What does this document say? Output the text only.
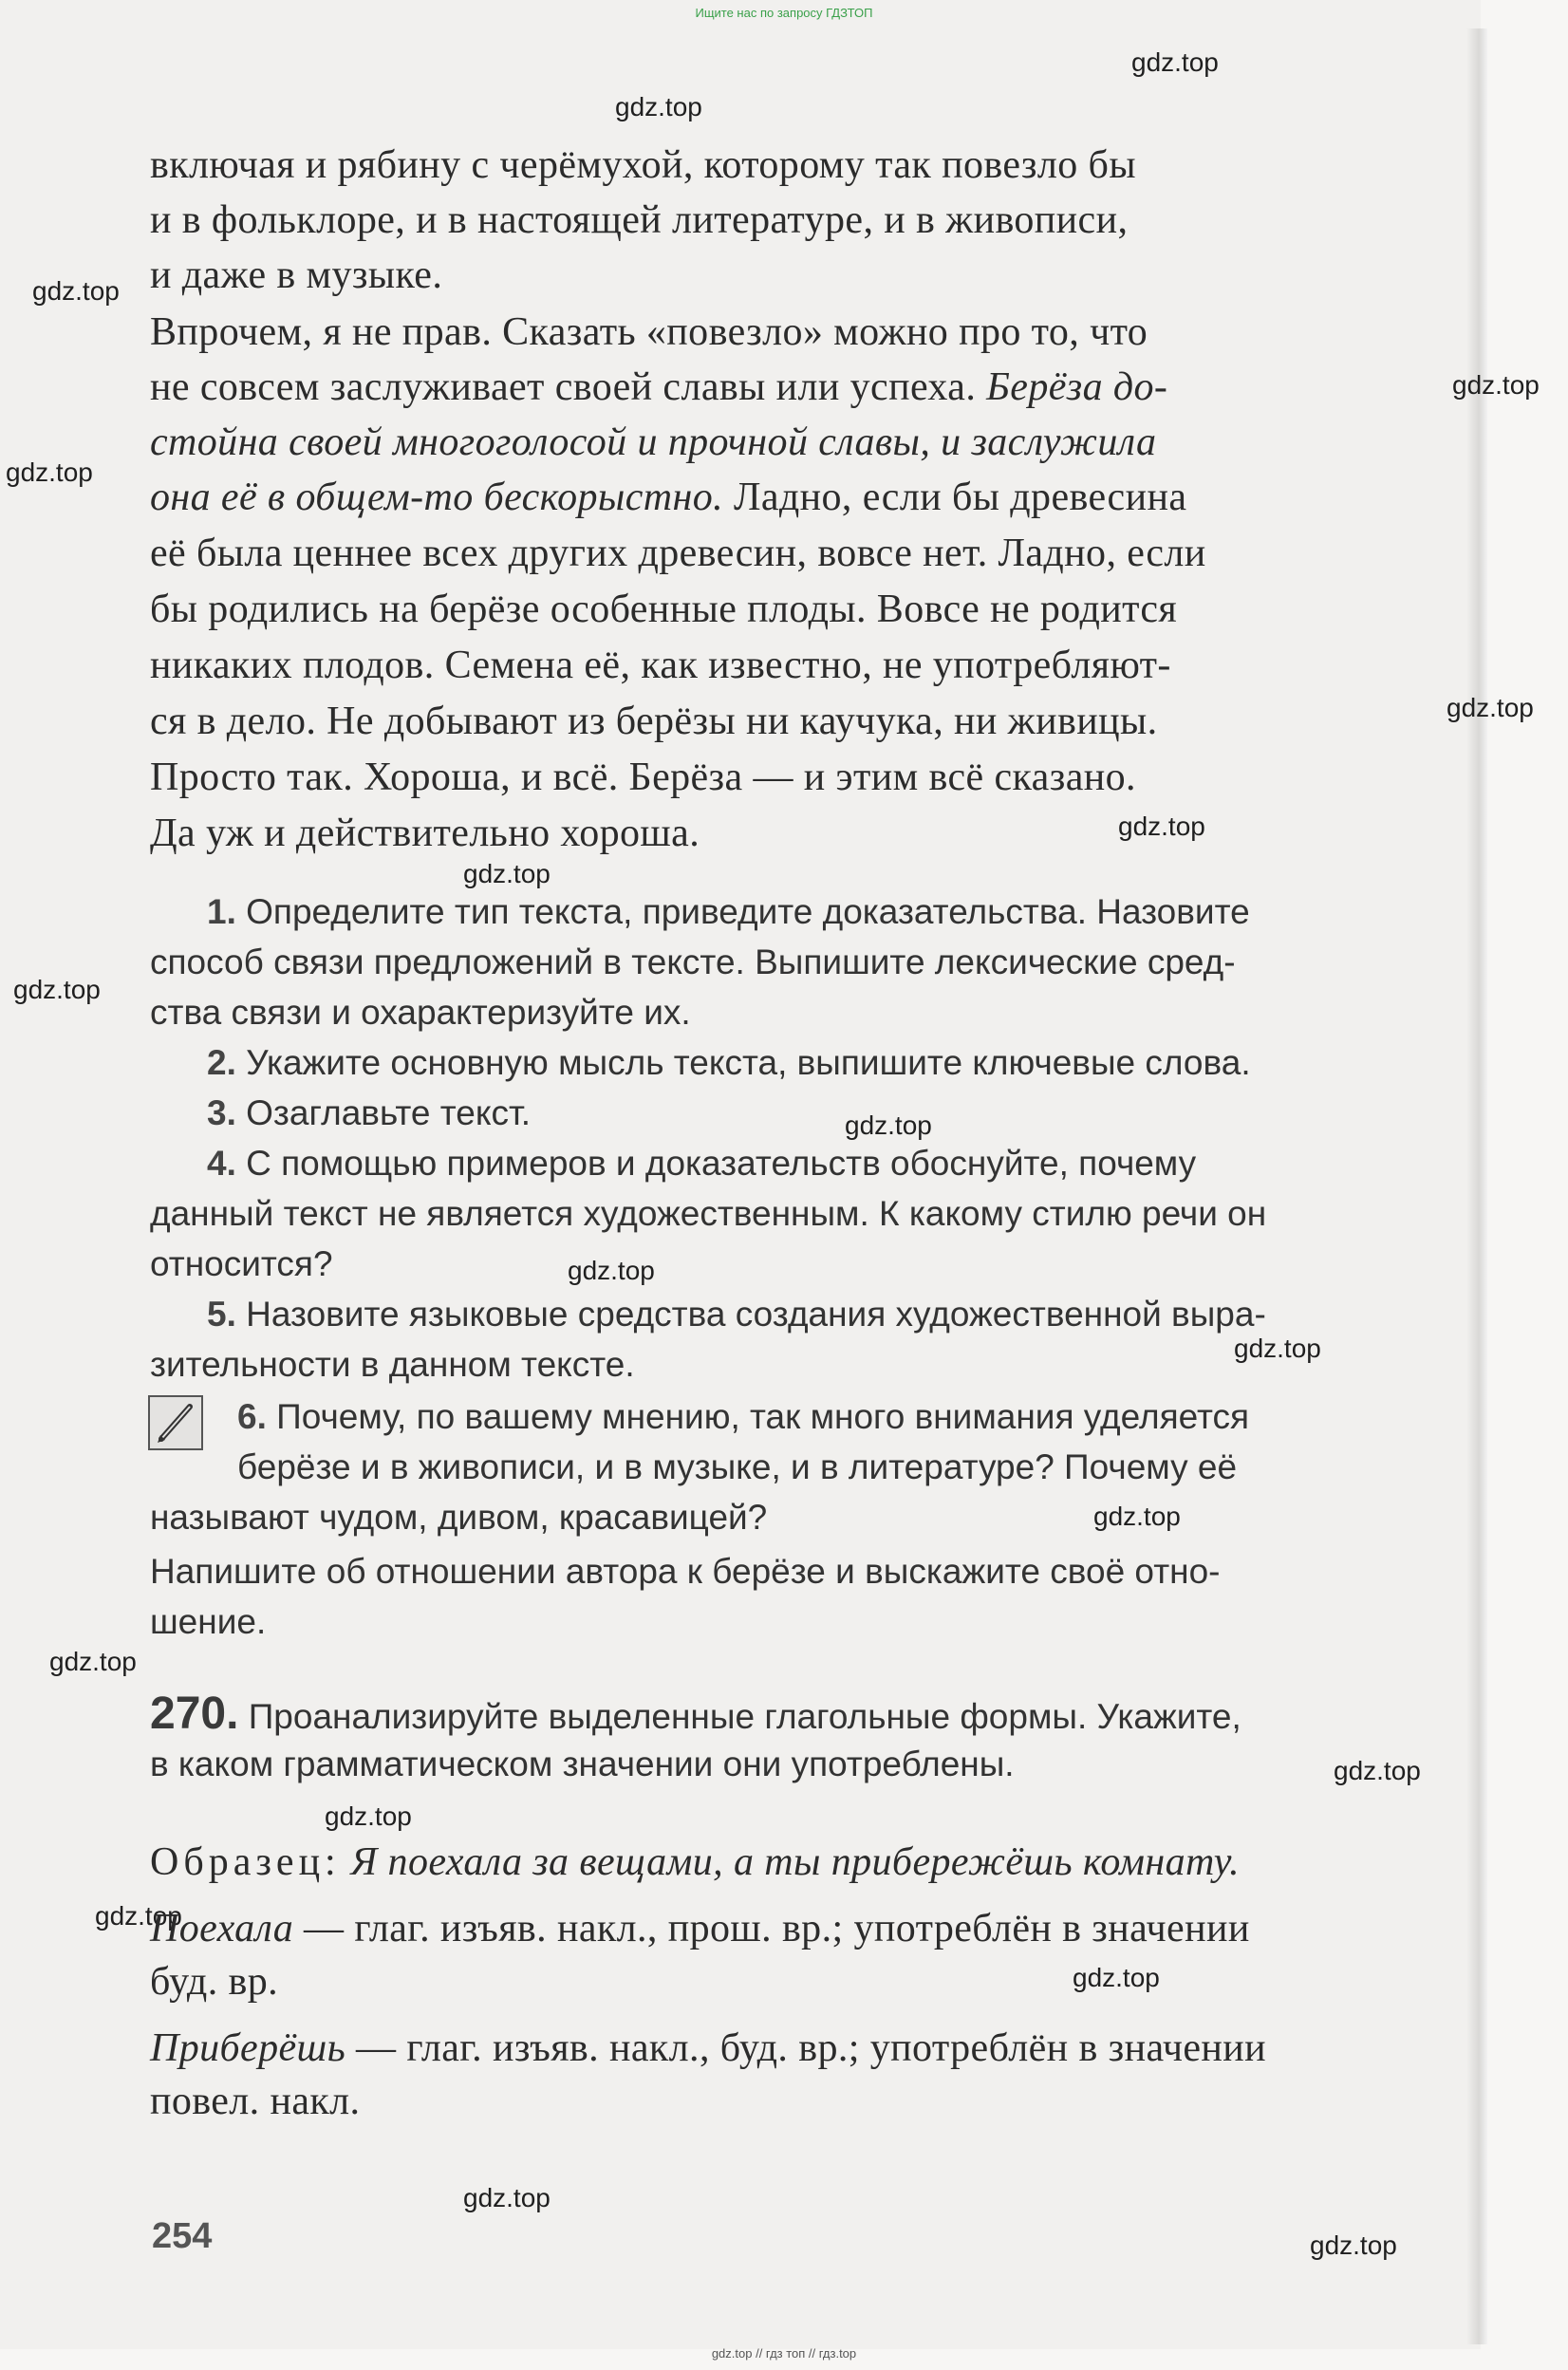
Ищите нас по запросу ГДЗТОП
gdz.top
gdz.top
gdz.top
gdz.top
gdz.top
gdz.top
gdz.top
gdz.top
gdz.top
gdz.top
gdz.top
gdz.top
gdz.top
gdz.top
gdz.top
gdz.top
gdz.top
gdz.top
gdz.top
gdz.top
включая и рябину с черёмухой, которому так повезло бы
и в фольклоре, и в настоящей литературе, и в живописи,
и даже в музыке.
Впрочем, я не прав. Сказать «повезло» можно про то, что
не совсем заслуживает своей славы или успеха. Берёза до-
стойна своей многоголосой и прочной славы, и заслужила
она её в общем-то бескорыстно. Ладно, если бы древесина
её была ценнее всех других древесин, вовсе нет. Ладно, если
бы родились на берёзе особенные плоды. Вовсе не родится
никаких плодов. Семена её, как известно, не употребляют-
ся в дело. Не добывают из берёзы ни каучука, ни живицы.
Просто так. Хороша, и всё. Берёза — и этим всё сказано.
Да уж и действительно хороша.
1. Определите тип текста, приведите доказательства. Назовите
способ связи предложений в тексте. Выпишите лексические сред-
ства связи и охарактеризуйте их.
2. Укажите основную мысль текста, выпишите ключевые слова.
3. Озаглавьте текст.
4. С помощью примеров и доказательств обоснуйте, почему
данный текст не является художественным. К какому стилю речи он
относится?
5. Назовите языковые средства создания художественной выра-
зительности в данном тексте.
6. Почему, по вашему мнению, так много внимания уделяется
берёзе и в живописи, и в музыке, и в литературе? Почему её
называют чудом, дивом, красавицей?
Напишите об отношении автора к берёзе и выскажите своё отно-
шение.
270. Проанализируйте выделенные глагольные формы. Укажите,
в каком грамматическом значении они употреблены.
Образец: Я поехала за вещами, а ты прибережёшь комнату.
Поехала — глаг. изъяв. накл., прош. вр.; употреблён в значении
буд. вр.
Приберёшь — глаг. изъяв. накл., буд. вр.; употреблён в значении
повел. накл.
254
gdz.top // гдз топ // гдз.top
